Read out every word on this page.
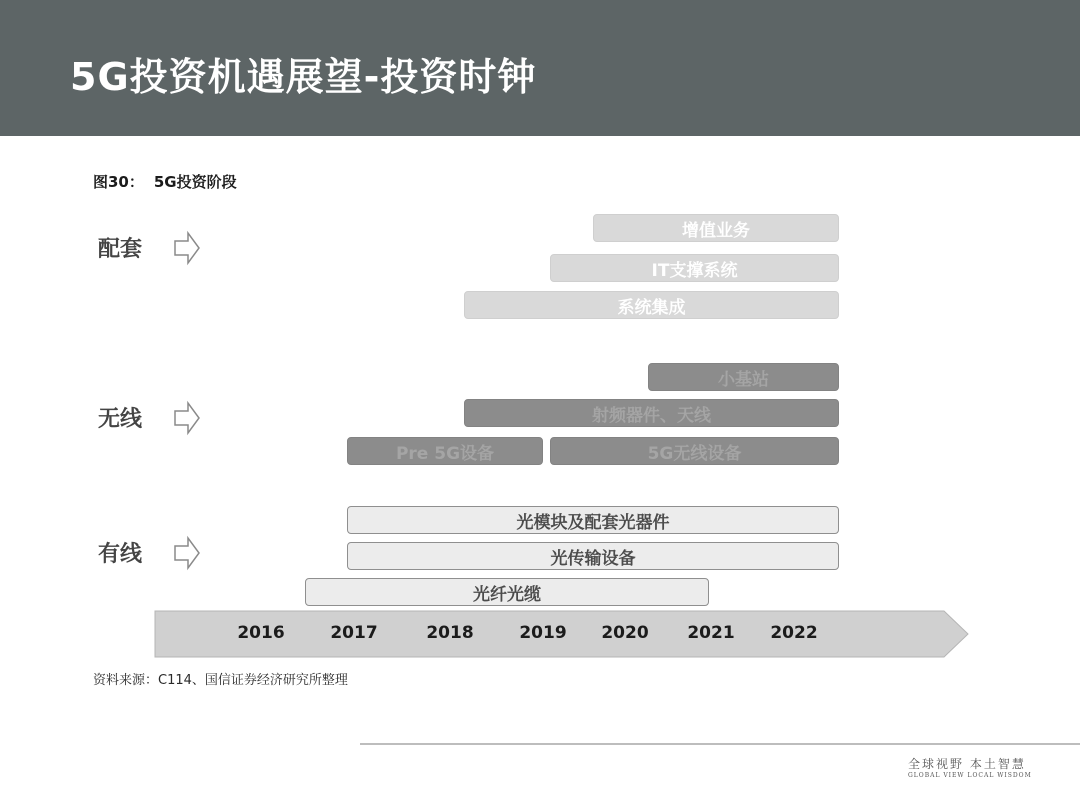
5G投资机遇展望-投资时钟
图30： 5G投资阶段
配套
无线
有线
增值业务
IT支撑系统
系统集成
小基站
射频器件、天线
Pre 5G设备	5G无线设备
光模块及配套光器件
光传输设备
光纤光缆
2016	2017	2018	2019	2020	2021	2022
资料来源：C114、国信证券经济研究所整理
全球视野 本土智慧
GLOBAL VIEW LOCAL WISDOM
